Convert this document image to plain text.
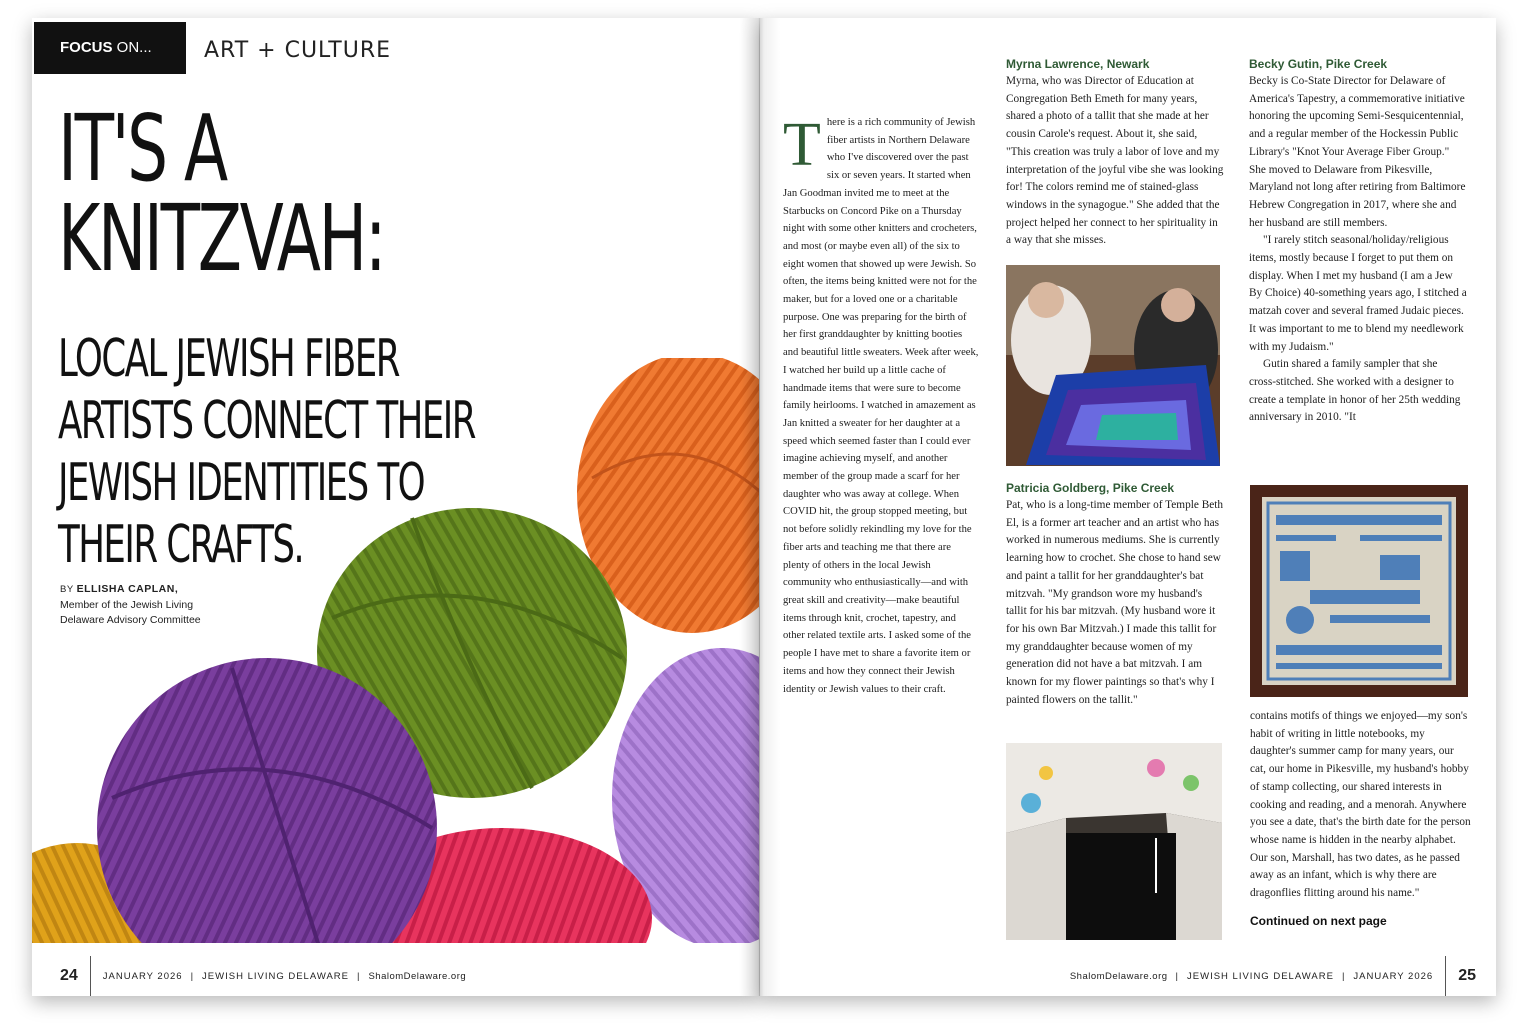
FOCUS ON...	ART + CULTURE
IT'S A
KNITZVAH:
LOCAL JEWISH FIBER
ARTISTS CONNECT THEIR
JEWISH IDENTITIES TO
THEIR CRAFTS.
BY ELLISHA CAPLAN,
Member of the Jewish Living
Delaware Advisory Committee
24	JANUARY 2026 | JEWISH LIVING DELAWARE | ShalomDelaware.org
There is a rich community of Jewish fiber artists in Northern Delaware who I've discovered over the past six or seven years. It started when Jan Goodman invited me to meet at the Starbucks on Concord Pike on a Thursday night with some other knitters and crocheters, and most (or maybe even all) of the six to eight women that showed up were Jewish. So often, the items being knitted were not for the maker, but for a loved one or a charitable purpose. One was preparing for the birth of her first granddaughter by knitting booties and beautiful little sweaters. Week after week, I watched her build up a little cache of handmade items that were sure to become family heirlooms. I watched in amazement as Jan knitted a sweater for her daughter at a speed which seemed faster than I could ever imagine achieving myself, and another member of the group made a scarf for her daughter who was away at college. When COVID hit, the group stopped meeting, but not before solidly rekindling my love for the fiber arts and teaching me that there are plenty of others in the local Jewish community who enthusiastically—and with great skill and creativity—make beautiful items through knit, crochet, tapestry, and other related textile arts. I asked some of the people I have met to share a favorite item or items and how they connect their Jewish identity or Jewish values to their craft.
Myrna Lawrence, Newark
Myrna, who was Director of Education at Congregation Beth Emeth for many years, shared a photo of a tallit that she made at her cousin Carole's request. About it, she said, "This creation was truly a labor of love and my interpretation of the joyful vibe she was looking for! The colors remind me of stained-glass windows in the synagogue." She added that the project helped her connect to her spirituality in a way that she misses.
Patricia Goldberg, Pike Creek
Pat, who is a long-time member of Temple Beth El, is a former art teacher and an artist who has worked in numerous mediums. She is currently learning how to crochet. She chose to hand sew and paint a tallit for her granddaughter's bat mitzvah. "My grandson wore my husband's tallit for his bar mitzvah. (My husband wore it for his own Bar Mitzvah.) I made this tallit for my granddaughter because women of my generation did not have a bat mitzvah. I am known for my flower paintings so that's why I painted flowers on the tallit."
Becky Gutin, Pike Creek
Becky is Co-State Director for Delaware of America's Tapestry, a commemorative initiative honoring the upcoming Semi-Sesquicentennial, and a regular member of the Hockessin Public Library's "Knot Your Average Fiber Group." She moved to Delaware from Pikesville, Maryland not long after retiring from Baltimore Hebrew Congregation in 2017, where she and her husband are still members.
"I rarely stitch seasonal/holiday/religious items, mostly because I forget to put them on display. When I met my husband (I am a Jew By Choice) 40-something years ago, I stitched a matzah cover and several framed Judaic pieces. It was important to me to blend my needlework with my Judaism."
Gutin shared a family sampler that she cross-stitched. She worked with a designer to create a template in honor of her 25th wedding anniversary in 2010. "It
contains motifs of things we enjoyed—my son's habit of writing in little notebooks, my daughter's summer camp for many years, our cat, our home in Pikesville, my husband's hobby of stamp collecting, our shared interests in cooking and reading, and a menorah. Anywhere you see a date, that's the birth date for the person whose name is hidden in the nearby alphabet. Our son, Marshall, has two dates, as he passed away as an infant, which is why there are dragonflies flitting around his name."
Continued on next page
ShalomDelaware.org | JEWISH LIVING DELAWARE | JANUARY 2026 25
